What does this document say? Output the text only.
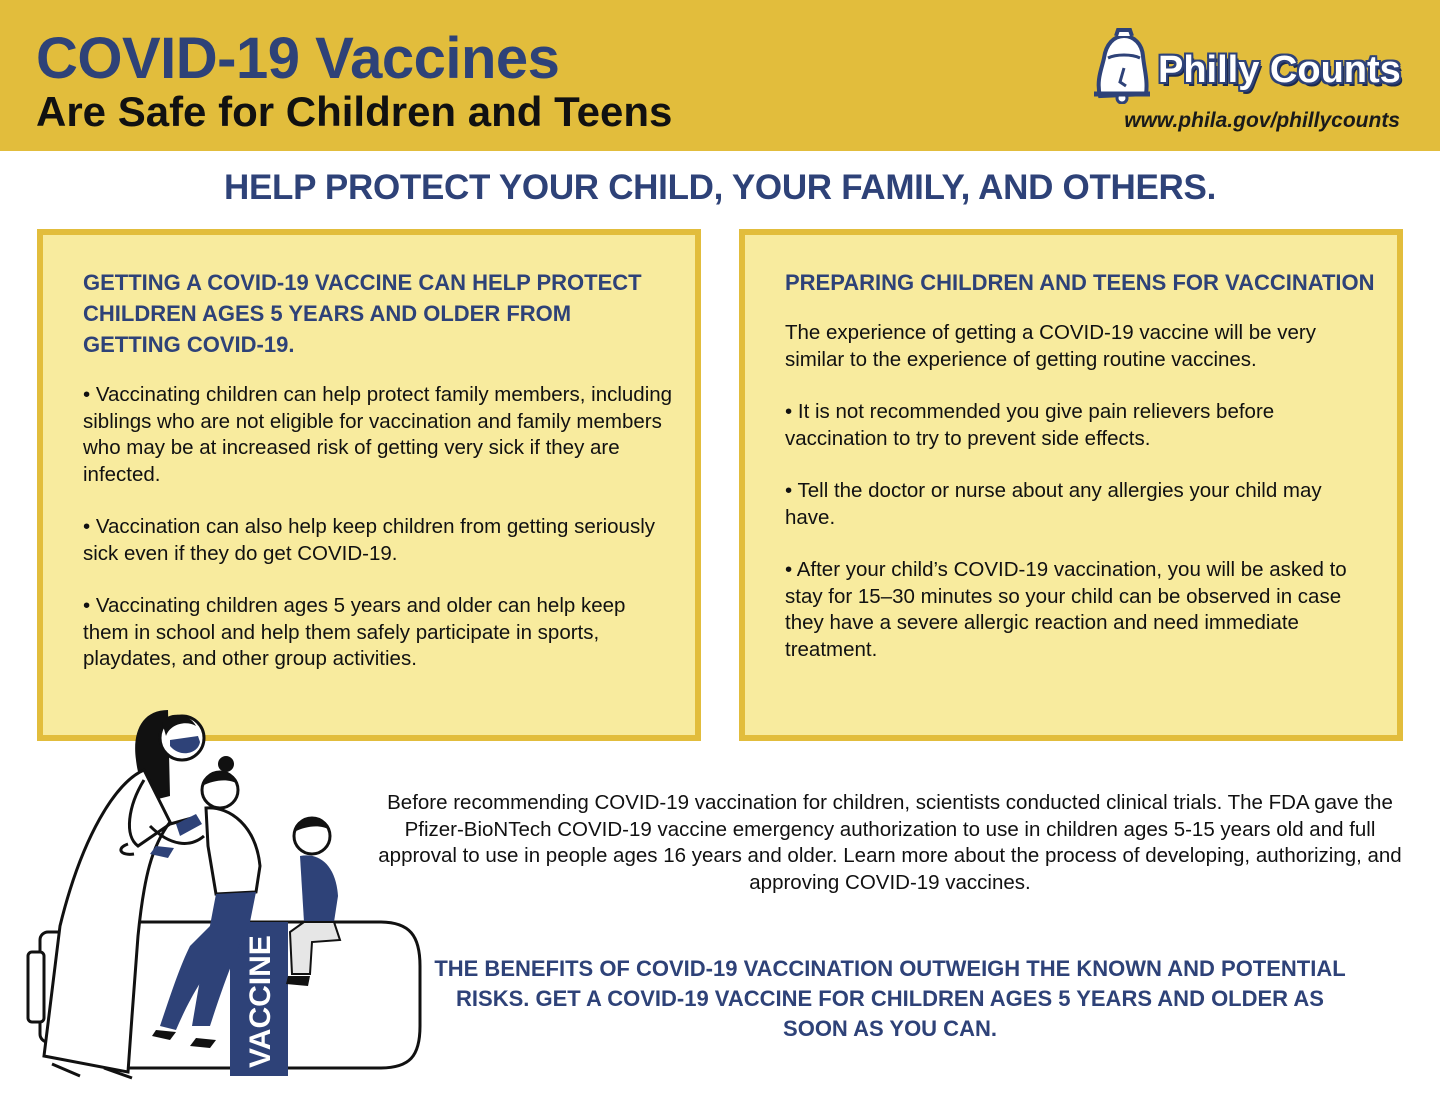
COVID-19 Vaccines
Are Safe for Children and Teens
Philly Counts
www.phila.gov/phillycounts
HELP PROTECT YOUR CHILD, YOUR FAMILY, AND OTHERS.

GETTING A COVID-19 VACCINE CAN HELP PROTECT CHILDREN AGES 5 YEARS AND OLDER FROM GETTING COVID-19.

• Vaccinating children can help protect family members, including siblings who are not eligible for vaccination and family members who may be at increased risk of getting very sick if they are infected.

• Vaccination can also help keep children from getting seriously sick even if they do get COVID-19.

• Vaccinating children ages 5 years and older can help keep them in school and help them safely participate in sports, playdates, and other group activities.

PREPARING CHILDREN AND TEENS FOR VACCINATION

The experience of getting a COVID-19 vaccine will be very similar to the experience of getting routine vaccines.

• It is not recommended you give pain relievers before vaccination to try to prevent side effects.

• Tell the doctor or nurse about any allergies your child may have.

• After your child’s COVID-19 vaccination, you will be asked to stay for 15–30 minutes so your child can be observed in case they have a severe allergic reaction and need immediate treatment.

VACCINE
Before recommending COVID-19 vaccination for children, scientists conducted clinical trials. The FDA gave the Pfizer-BioNTech COVID-19 vaccine emergency authorization to use in children ages 5-15 years old and full approval to use in people ages 16 years and older. Learn more about the process of developing, authorizing, and approving COVID-19 vaccines.
THE BENEFITS OF COVID-19 VACCINATION OUTWEIGH THE KNOWN AND POTENTIAL RISKS. GET A COVID-19 VACCINE FOR CHILDREN AGES 5 YEARS AND OLDER AS SOON AS YOU CAN.
